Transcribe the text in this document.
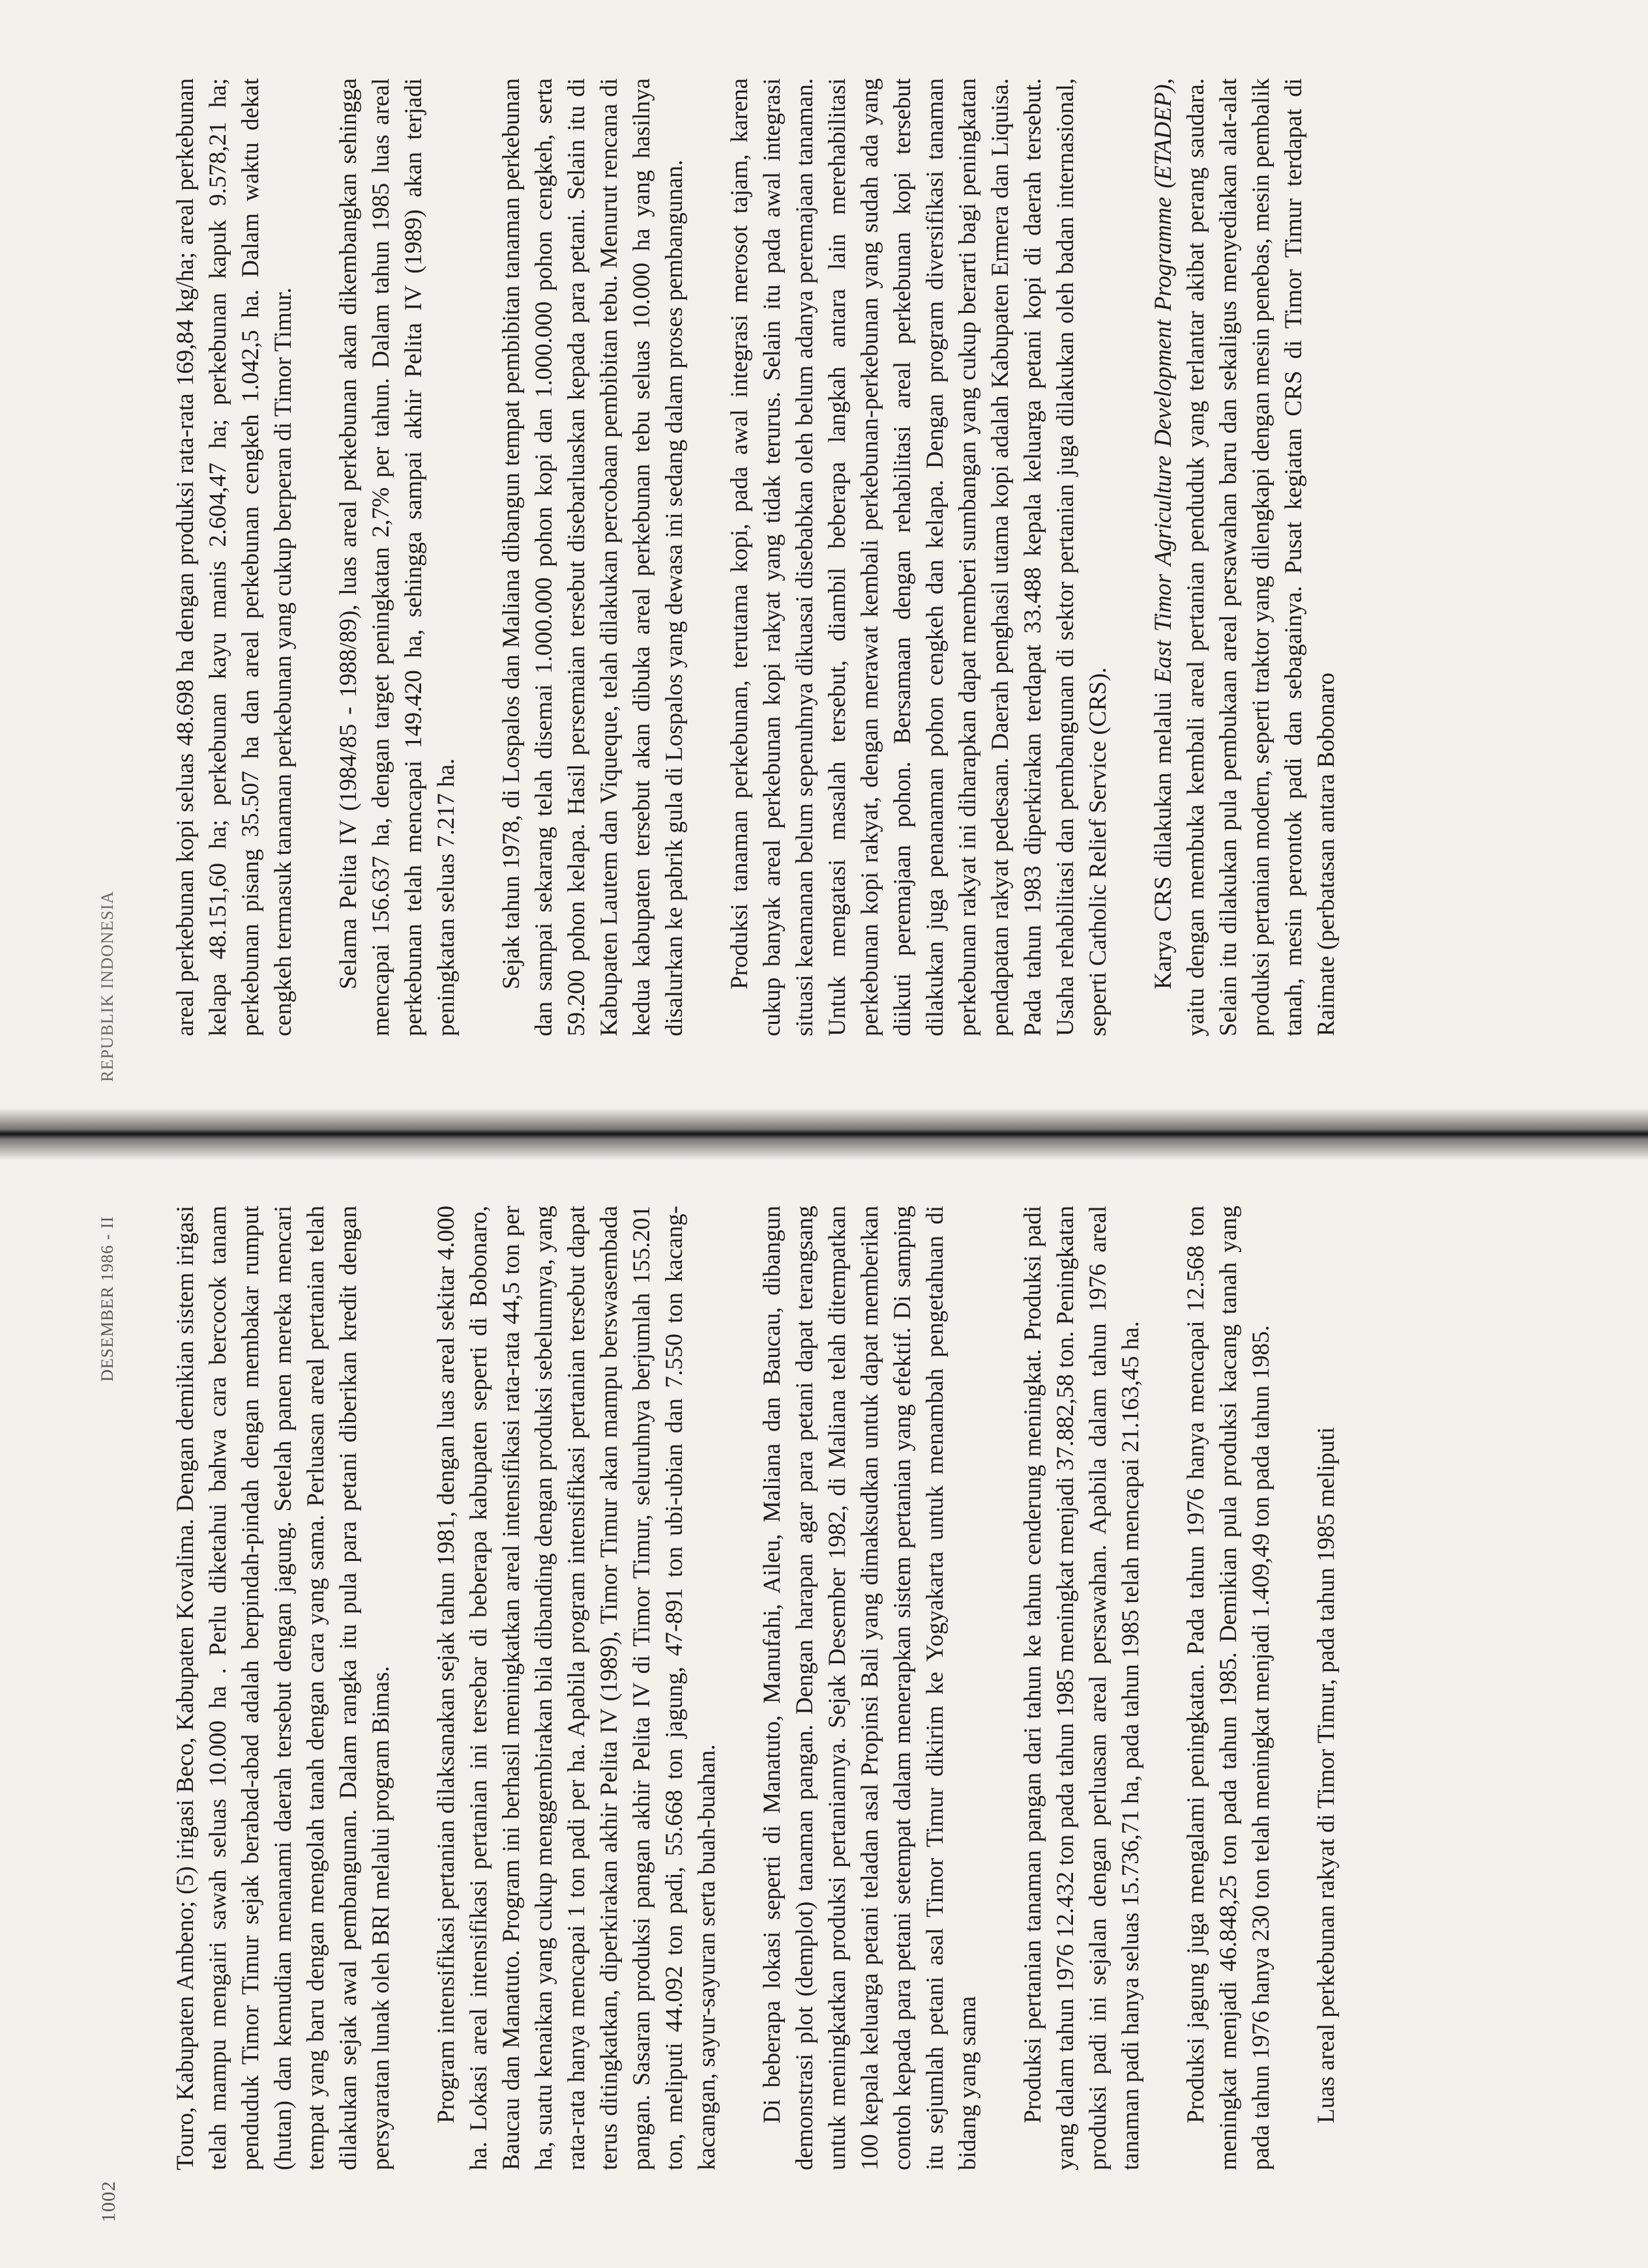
1002
DESEMBER 1986 - II Touro, Kabupaten Ambeno; (5) irigasi Beco, Kabupaten Kovalima. Dengan demikian sistem irigasi telah mampu mengairi sawah seluas 10.000 ha . Perlu diketahui bahwa cara bercocok tanam penduduk Timor Timur sejak berabad-abad adalah berpindah-pindah dengan membakar rumput (hutan) dan kemudian menanami daerah tersebut dengan jagung. Setelah panen mereka mencari tempat yang baru dengan mengolah tanah dengan cara yang sama. Perluasan areal pertanian telah dilakukan sejak awal pembangunan. Dalam rangka itu pula para petani diberikan kredit dengan persyaratan lunak oleh BRI melalui program Bimas. Program intensifikasi pertanian dilaksanakan sejak tahun 1981, dengan luas areal sekitar 4.000 ha. Lokasi areal intensifikasi pertanian ini tersebar di beberapa kabupaten seperti di Bobonaro, Baucau dan Manatuto. Program ini berhasil meningkatkan areal intensifikasi rata-rata 44,5 ton per ha, suatu kenaikan yang cukup menggembirakan bila dibanding dengan produksi sebelumnya, yang rata-rata hanya mencapai 1 ton padi per ha. Apabila program intensifikasi pertanian tersebut dapat terus ditingkatkan, diperkirakan akhir Pelita IV (1989), Timor Timur akan mampu berswasembada pangan. Sasaran produksi pangan akhir Pelita IV di Timor Timur, seluruhnya berjumlah 155.201 ton, meliputi 44.092 ton padi, 55.668 ton jagung, 47-891 ton ubi-ubian dan 7.550 ton kacang-kacangan, sayur-sayuran serta buah-buahan. Di beberapa lokasi seperti di Manatuto, Manufahi, Aileu, Maliana dan Baucau, dibangun demonstrasi plot (demplot) tanaman pangan. Dengan harapan agar para petani dapat terangsang untuk meningkatkan produksi pertaniannya. Sejak Desember 1982, di Maliana telah ditempatkan 100 kepala keluarga petani teladan asal Propinsi Bali yang dimaksudkan untuk dapat memberikan contoh kepada para petani setempat dalam menerapkan sistem pertanian yang efektif. Di samping itu sejumlah petani asal Timor Timur dikirim ke Yogyakarta untuk menambah pengetahuan di bidang yang sama Produksi pertanian tanaman pangan dari tahun ke tahun cenderung meningkat. Produksi padi yang dalam tahun 1976 12.432 ton pada tahun 1985 meningkat menjadi 37.882,58 ton. Peningkatan produksi padi ini sejalan dengan perluasan areal persawahan. Apabila dalam tahun 1976 areal tanaman padi hanya seluas 15.736,71 ha, pada tahun 1985 telah mencapai 21.163,45 ha. Produksi jagung juga mengalami peningkatan. Pada tahun 1976 hanya mencapai 12.568 ton meningkat menjadi 46.848,25 ton pada tahun 1985. Demikian pula produksi kacang tanah yang pada tahun 1976 hanya 230 ton telah meningkat menjadi 1.409,49 ton pada tahun 1985. Luas areal perkebunan rakyat di Timor Timur, pada tahun 1985 meliputi

REPUBLIK INDONESIA areal perkebunan kopi seluas 48.698 ha dengan produksi rata-rata 169,84 kg/ha; areal perkebunan kelapa 48.151,60 ha; perkebunan kayu manis 2.604,47 ha; perkebunan kapuk 9.578,21 ha; perkebunan pisang 35.507 ha dan areal perkebunan cengkeh 1.042,5 ha. Dalam waktu dekat cengkeh termasuk tanaman perkebunan yang cukup berperan di Timor Timur. Selama Pelita IV (1984/85 - 1988/89), luas areal perkebunan akan dikembangkan sehingga mencapai 156.637 ha, dengan target peningkatan 2,7% per tahun. Dalam tahun 1985 luas areal perkebunan telah mencapai 149.420 ha, sehingga sampai akhir Pelita IV (1989) akan terjadi peningkatan seluas 7.217 ha. Sejak tahun 1978, di Lospalos dan Maliana dibangun tempat pembibitan tanaman perkebunan dan sampai sekarang telah disemai 1.000.000 pohon kopi dan 1.000.000 pohon cengkeh, serta 59.200 pohon kelapa. Hasil persemaian tersebut disebarluaskan kepada para petani. Selain itu di Kabupaten Lautem dan Viqueque, telah dilakukan percobaan pembibitan tebu. Menurut rencana di kedua kabupaten tersebut akan dibuka areal perkebunan tebu seluas 10.000 ha yang hasilnya disalurkan ke pabrik gula di Lospalos yang dewasa ini sedang dalam proses pembangunan. Produksi tanaman perkebunan, terutama kopi, pada awal integrasi merosot tajam, karena cukup banyak areal perkebunan kopi rakyat yang tidak terurus. Selain itu pada awal integrasi situasi keamanan belum sepenuhnya dikuasai disebabkan oleh belum adanya peremajaan tanaman. Untuk mengatasi masalah tersebut, diambil beberapa langkah antara lain merehabilitasi perkebunan kopi rakyat, dengan merawat kembali perkebunan-perkebunan yang sudah ada yang diikuti peremajaan pohon. Bersamaan dengan rehabilitasi areal perkebunan kopi tersebut dilakukan juga penanaman pohon cengkeh dan kelapa. Dengan program diversifikasi tanaman perkebunan rakyat ini diharapkan dapat memberi sumbangan yang cukup berarti bagi peningkatan pendapatan rakyat pedesaan. Daerah penghasil utama kopi adalah Kabupaten Ermera dan Liquisa. Pada tahun 1983 diperkirakan terdapat 33.488 kepala keluarga petani kopi di daerah tersebut. Usaha rehabilitasi dan pembangunan di sektor pertanian juga dilakukan oleh badan internasional, seperti Catholic Relief Service (CRS). Karya CRS dilakukan melalui East Timor Agriculture Development Programme (ETADEP), yaitu dengan membuka kembali areal pertanian penduduk yang terlantar akibat perang saudara. Selain itu dilakukan pula pembukaan areal persawahan baru dan sekaligus menyediakan alat-alat produksi pertanian modern, seperti traktor yang dilengkapi dengan mesin penebas, mesin pembalik tanah, mesin perontok padi dan sebagainya. Pusat kegiatan CRS di Timor Timur terdapat di Raimate (perbatasan antara Bobonaro
